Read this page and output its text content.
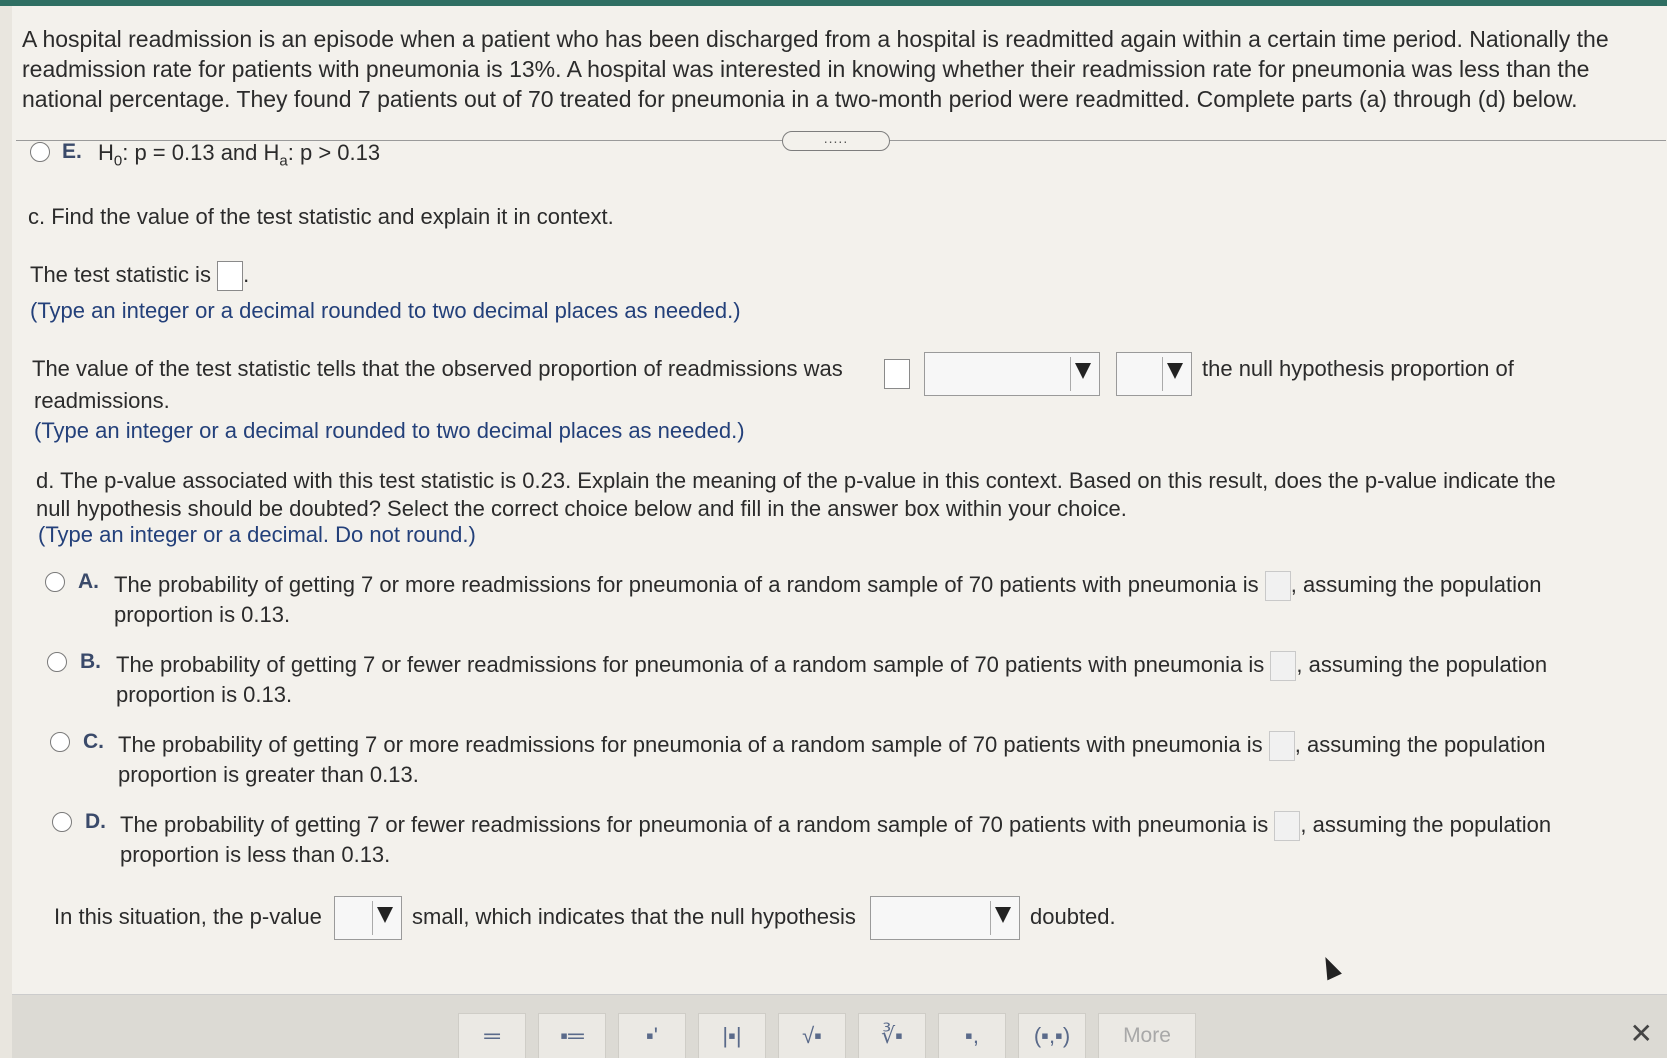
A hospital readmission is an episode when a patient who has been discharged from a hospital is readmitted again within a certain time period. Nationally the readmission rate for patients with pneumonia is 13%. A hospital was interested in knowing whether their readmission rate for pneumonia was less than the national percentage. They found 7 patients out of 70 treated for pneumonia in a two-month period were readmitted. Complete parts (a) through (d) below.
.....
E. $H_0$: p = 0.13 and $H_a$: p > 0.13
c. Find the value of the test statistic and explain it in context.
The test statistic is .
(Type an integer or a decimal rounded to two decimal places as needed.)
The value of the test statistic tells that the observed proportion of readmissions was	the null hypothesis proportion of
readmissions.
(Type an integer or a decimal rounded to two decimal places as needed.)
d. The p-value associated with this test statistic is 0.23. Explain the meaning of the p-value in this context. Based on this result, does the p-value indicate the
null hypothesis should be doubted? Select the correct choice below and fill in the answer box within your choice.
(Type an integer or a decimal. Do not round.)
A. The probability of getting 7 or more readmissions for pneumonia of a random sample of 70 patients with pneumonia is , assuming the population
proportion is 0.13.
B. The probability of getting 7 or fewer readmissions for pneumonia of a random sample of 70 patients with pneumonia is , assuming the population
proportion is 0.13.
C. The probability of getting 7 or more readmissions for pneumonia of a random sample of 70 patients with pneumonia is , assuming the population
proportion is greater than 0.13.
D. The probability of getting 7 or fewer readmissions for pneumonia of a random sample of 70 patients with pneumonia is , assuming the population
proportion is less than 0.13.
In this situation, the p-value	small, which indicates that the null hypothesis	doubted.
═	▪═	▪'	|▪|	√▪	∛▪	▪,	(▪,▪)	More	✕
